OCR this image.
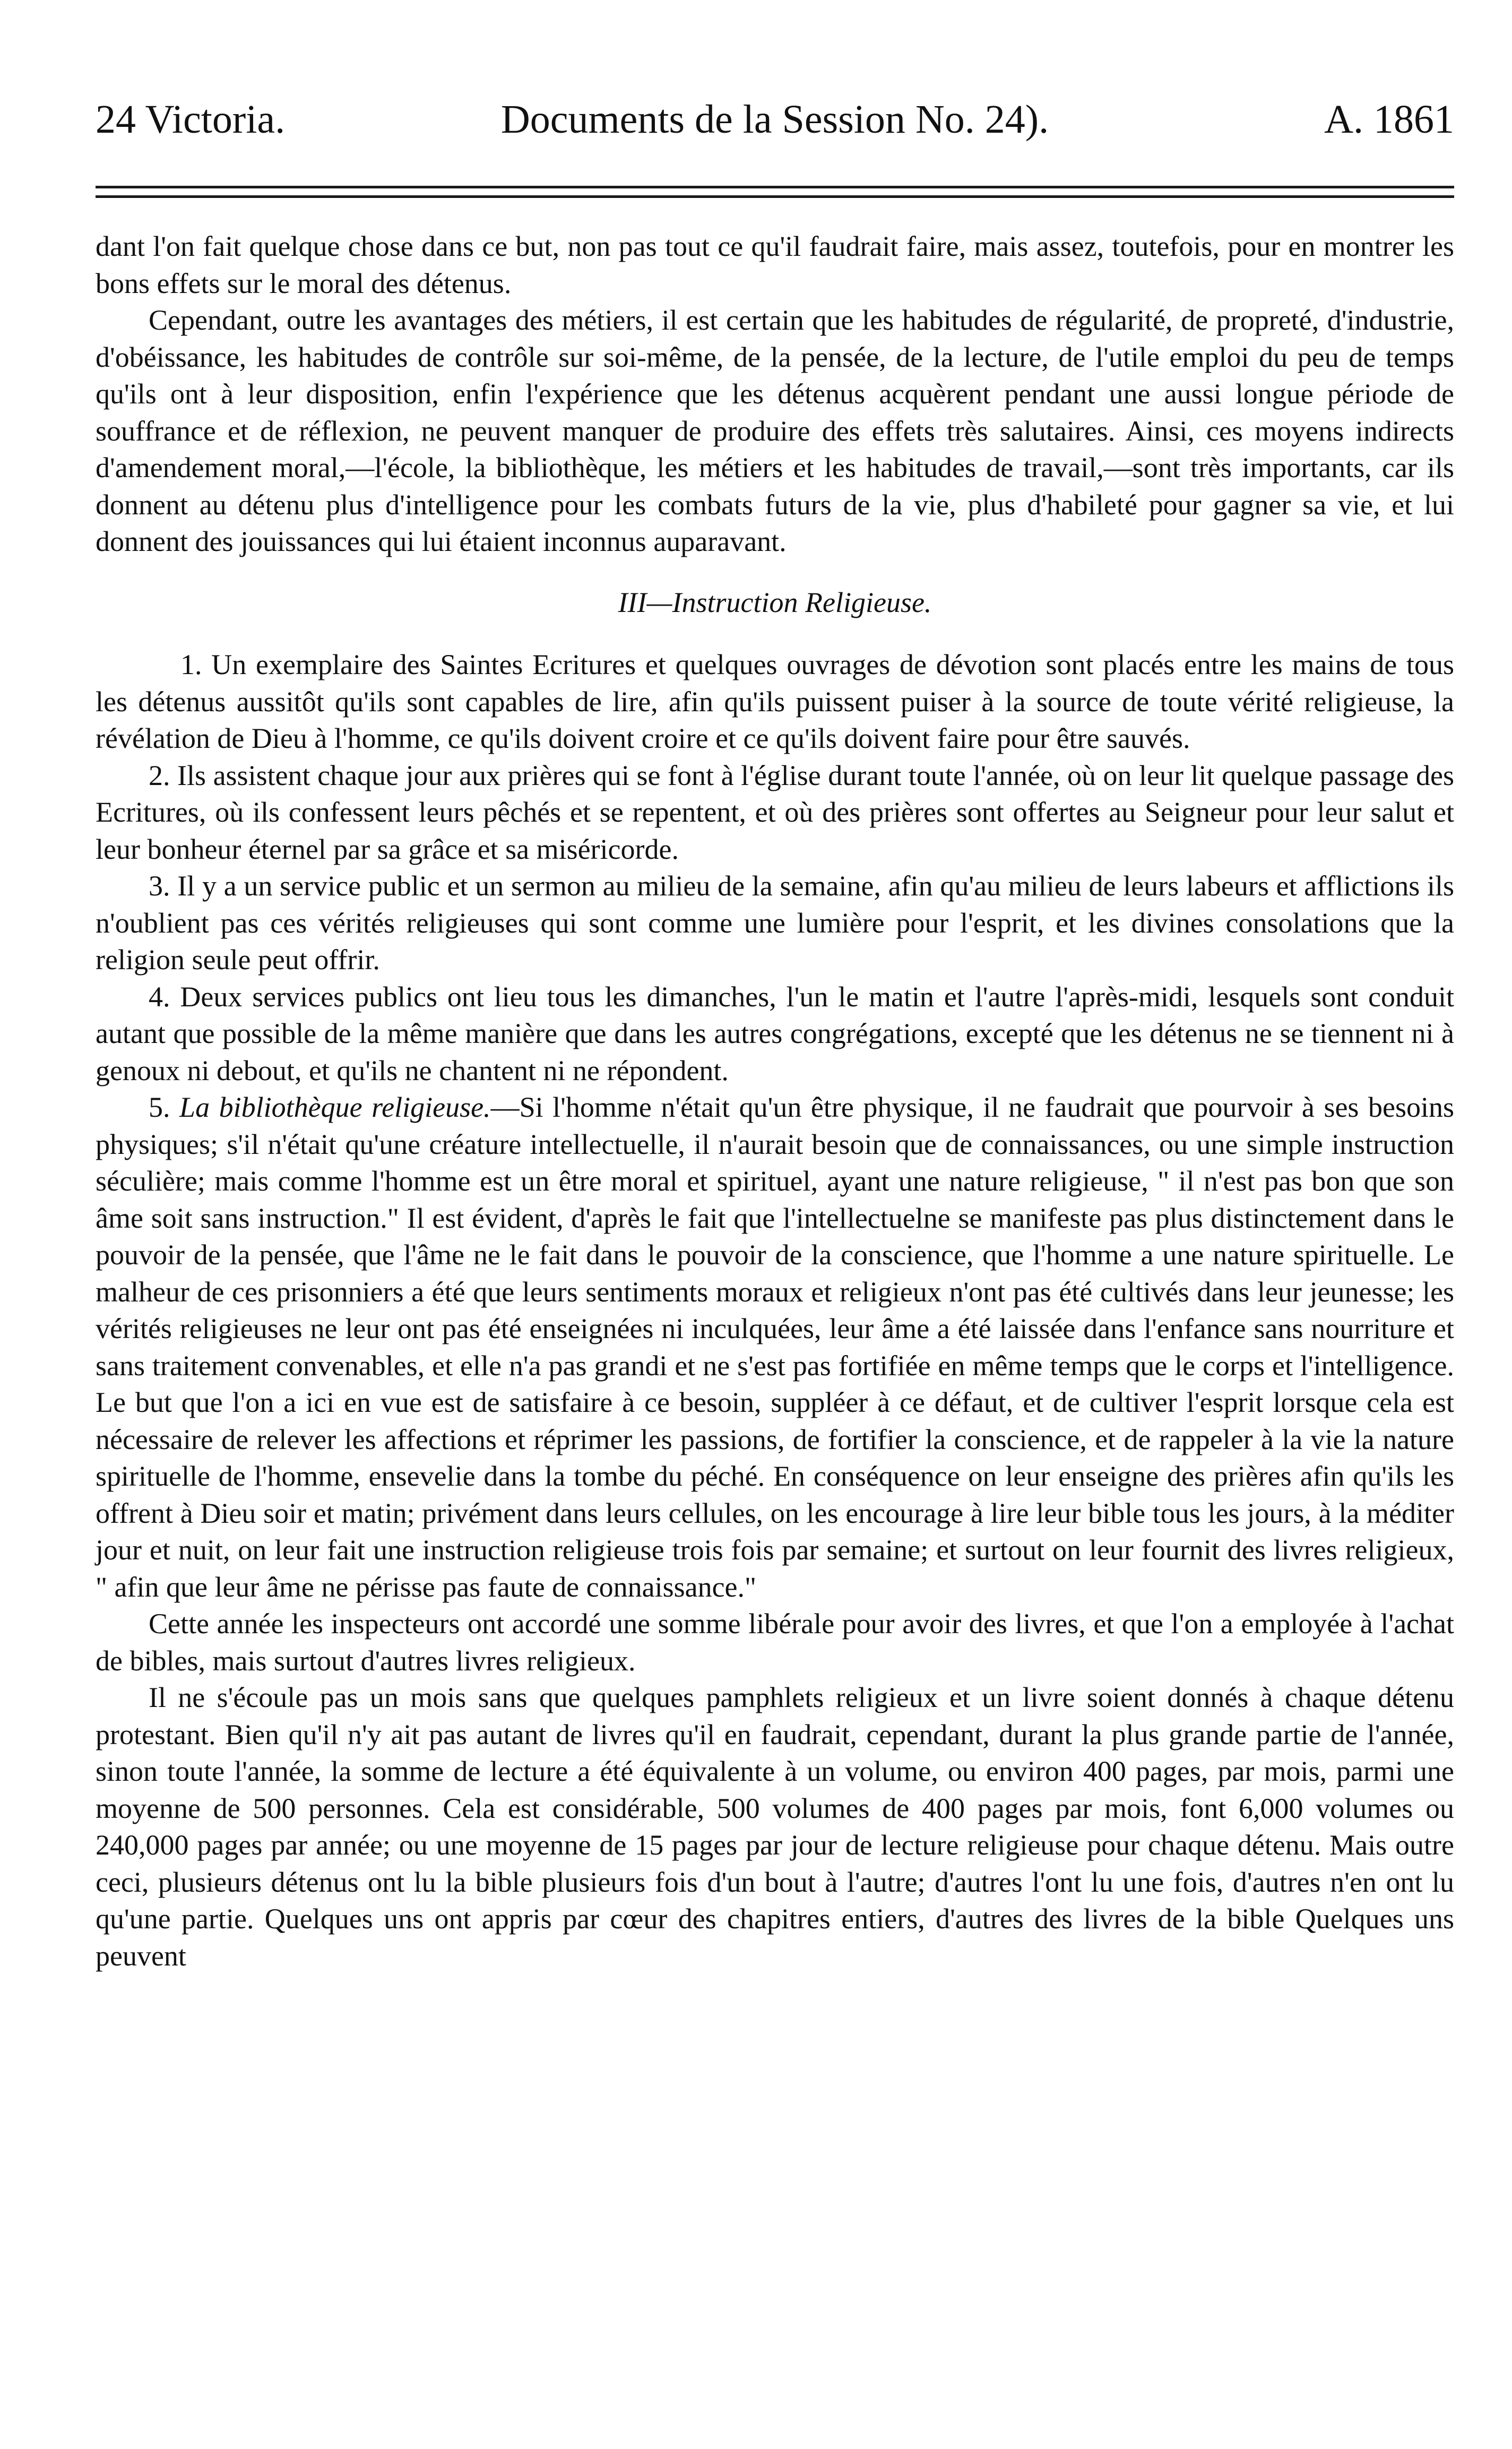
24 Victoria.	Documents de la Session No. 24).	A. 1861

dant l'on fait quelque chose dans ce but, non pas tout ce qu'il faudrait faire, mais assez, toutefois, pour en montrer les bons effets sur le moral des détenus.

Cependant, outre les avantages des métiers, il est certain que les habitudes de régularité, de propreté, d'industrie, d'obéissance, les habitudes de contrôle sur soi-même, de la pensée, de la lecture, de l'utile emploi du peu de temps qu'ils ont à leur disposition, enfin l'expérience que les détenus acquèrent pendant une aussi longue période de souffrance et de réflexion, ne peuvent manquer de produire des effets très salutaires. Ainsi, ces moyens indirects d'amendement moral,—l'école, la bibliothèque, les métiers et les habitudes de travail,—sont très importants, car ils donnent au détenu plus d'intelligence pour les combats futurs de la vie, plus d'habileté pour gagner sa vie, et lui donnent des jouissances qui lui étaient inconnus auparavant.

III—Instruction Religieuse.

1. Un exemplaire des Saintes Ecritures et quelques ouvrages de dévotion sont placés entre les mains de tous les détenus aussitôt qu'ils sont capables de lire, afin qu'ils puissent puiser à la source de toute vérité religieuse, la révélation de Dieu à l'homme, ce qu'ils doivent croire et ce qu'ils doivent faire pour être sauvés.

2. Ils assistent chaque jour aux prières qui se font à l'église durant toute l'année, où on leur lit quelque passage des Ecritures, où ils confessent leurs pêchés et se repentent, et où des prières sont offertes au Seigneur pour leur salut et leur bonheur éternel par sa grâce et sa miséricorde.

3. Il y a un service public et un sermon au milieu de la semaine, afin qu'au milieu de leurs labeurs et afflictions ils n'oublient pas ces vérités religieuses qui sont comme une lumière pour l'esprit, et les divines consolations que la religion seule peut offrir.

4. Deux services publics ont lieu tous les dimanches, l'un le matin et l'autre l'après-midi, lesquels sont conduit autant que possible de la même manière que dans les autres congrégations, excepté que les détenus ne se tiennent ni à genoux ni debout, et qu'ils ne chantent ni ne répondent.

5. La bibliothèque religieuse.—Si l'homme n'était qu'un être physique, il ne faudrait que pourvoir à ses besoins physiques; s'il n'était qu'une créature intellectuelle, il n'aurait besoin que de connaissances, ou une simple instruction séculière; mais comme l'homme est un être moral et spirituel, ayant une nature religieuse, " il n'est pas bon que son âme soit sans instruction." Il est évident, d'après le fait que l'intellectuelne se manifeste pas plus distinctement dans le pouvoir de la pensée, que l'âme ne le fait dans le pouvoir de la conscience, que l'homme a une nature spirituelle. Le malheur de ces prisonniers a été que leurs sentiments moraux et religieux n'ont pas été cultivés dans leur jeunesse; les vérités religieuses ne leur ont pas été enseignées ni inculquées, leur âme a été laissée dans l'enfance sans nourriture et sans traitement convenables, et elle n'a pas grandi et ne s'est pas fortifiée en même temps que le corps et l'intelligence. Le but que l'on a ici en vue est de satisfaire à ce besoin, suppléer à ce défaut, et de cultiver l'esprit lorsque cela est nécessaire de relever les affections et réprimer les passions, de fortifier la conscience, et de rappeler à la vie la nature spirituelle de l'homme, ensevelie dans la tombe du péché. En conséquence on leur enseigne des prières afin qu'ils les offrent à Dieu soir et matin; privément dans leurs cellules, on les encourage à lire leur bible tous les jours, à la méditer jour et nuit, on leur fait une instruction religieuse trois fois par semaine; et surtout on leur fournit des livres religieux, " afin que leur âme ne périsse pas faute de connaissance."

Cette année les inspecteurs ont accordé une somme libérale pour avoir des livres, et que l'on a employée à l'achat de bibles, mais surtout d'autres livres religieux.

Il ne s'écoule pas un mois sans que quelques pamphlets religieux et un livre soient donnés à chaque détenu protestant. Bien qu'il n'y ait pas autant de livres qu'il en faudrait, cependant, durant la plus grande partie de l'année, sinon toute l'année, la somme de lecture a été équivalente à un volume, ou environ 400 pages, par mois, parmi une moyenne de 500 personnes. Cela est considérable, 500 volumes de 400 pages par mois, font 6,000 volumes ou 240,000 pages par année; ou une moyenne de 15 pages par jour de lecture religieuse pour chaque détenu. Mais outre ceci, plusieurs détenus ont lu la bible plusieurs fois d'un bout à l'autre; d'autres l'ont lu une fois, d'autres n'en ont lu qu'une partie. Quelques uns ont appris par cœur des chapitres entiers, d'autres des livres de la bible Quelques uns peuvent
